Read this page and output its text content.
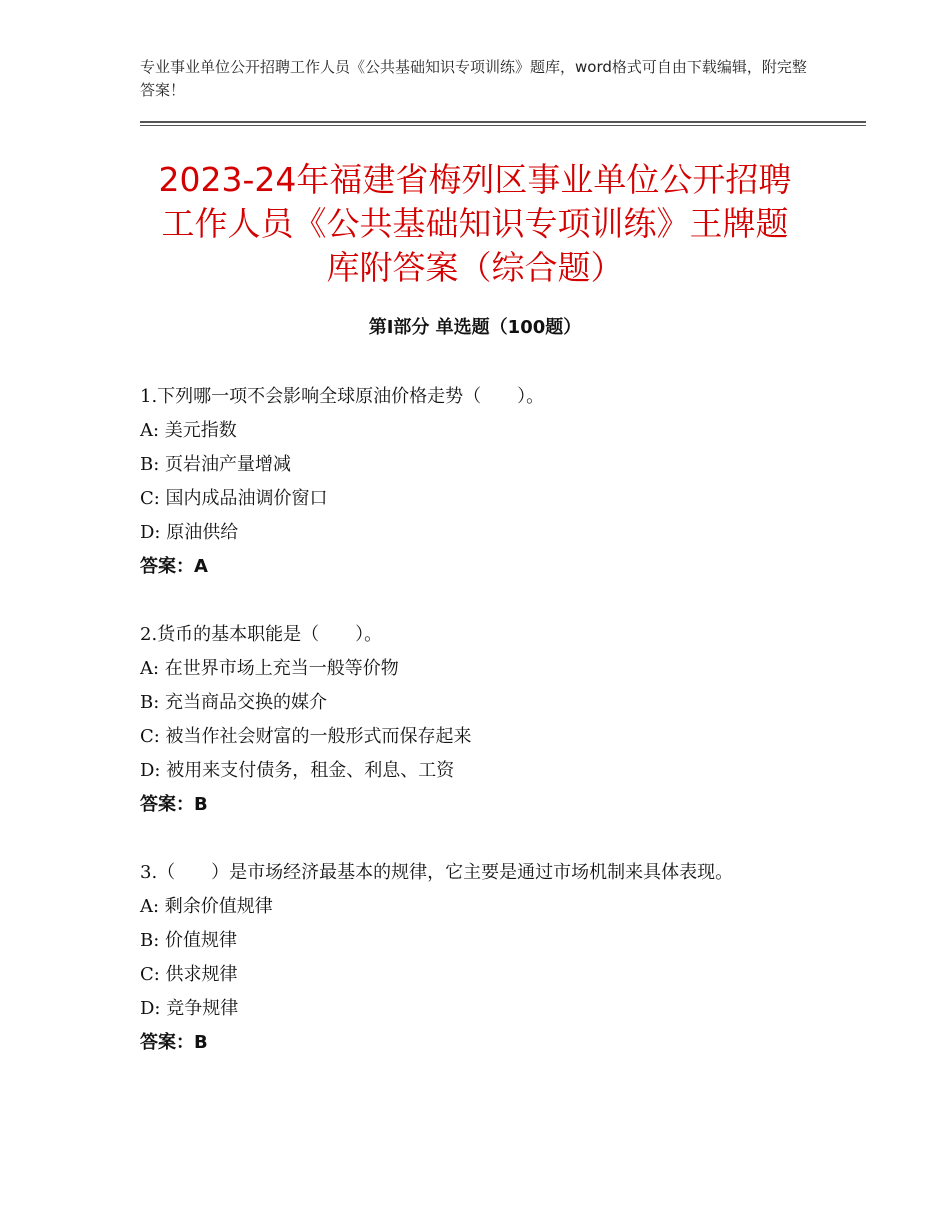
专业事业单位公开招聘工作人员《公共基础知识专项训练》题库，word格式可自由下载编辑，附完整答案！
2023-24年福建省梅列区事业单位公开招聘
工作人员《公共基础知识专项训练》王牌题
库附答案（综合题）
第Ⅰ部分 单选题（100题）
1.下列哪一项不会影响全球原油价格走势（　　）。
A: 美元指数
B: 页岩油产量增减
C: 国内成品油调价窗口
D: 原油供给
答案：A
2.货币的基本职能是（　　）。
A: 在世界市场上充当一般等价物
B: 充当商品交换的媒介
C: 被当作社会财富的一般形式而保存起来
D: 被用来支付债务，租金、利息、工资
答案：B
3.（　　）是市场经济最基本的规律，它主要是通过市场机制来具体表现。
A: 剩余价值规律
B: 价值规律
C: 供求规律
D: 竞争规律
答案：B
